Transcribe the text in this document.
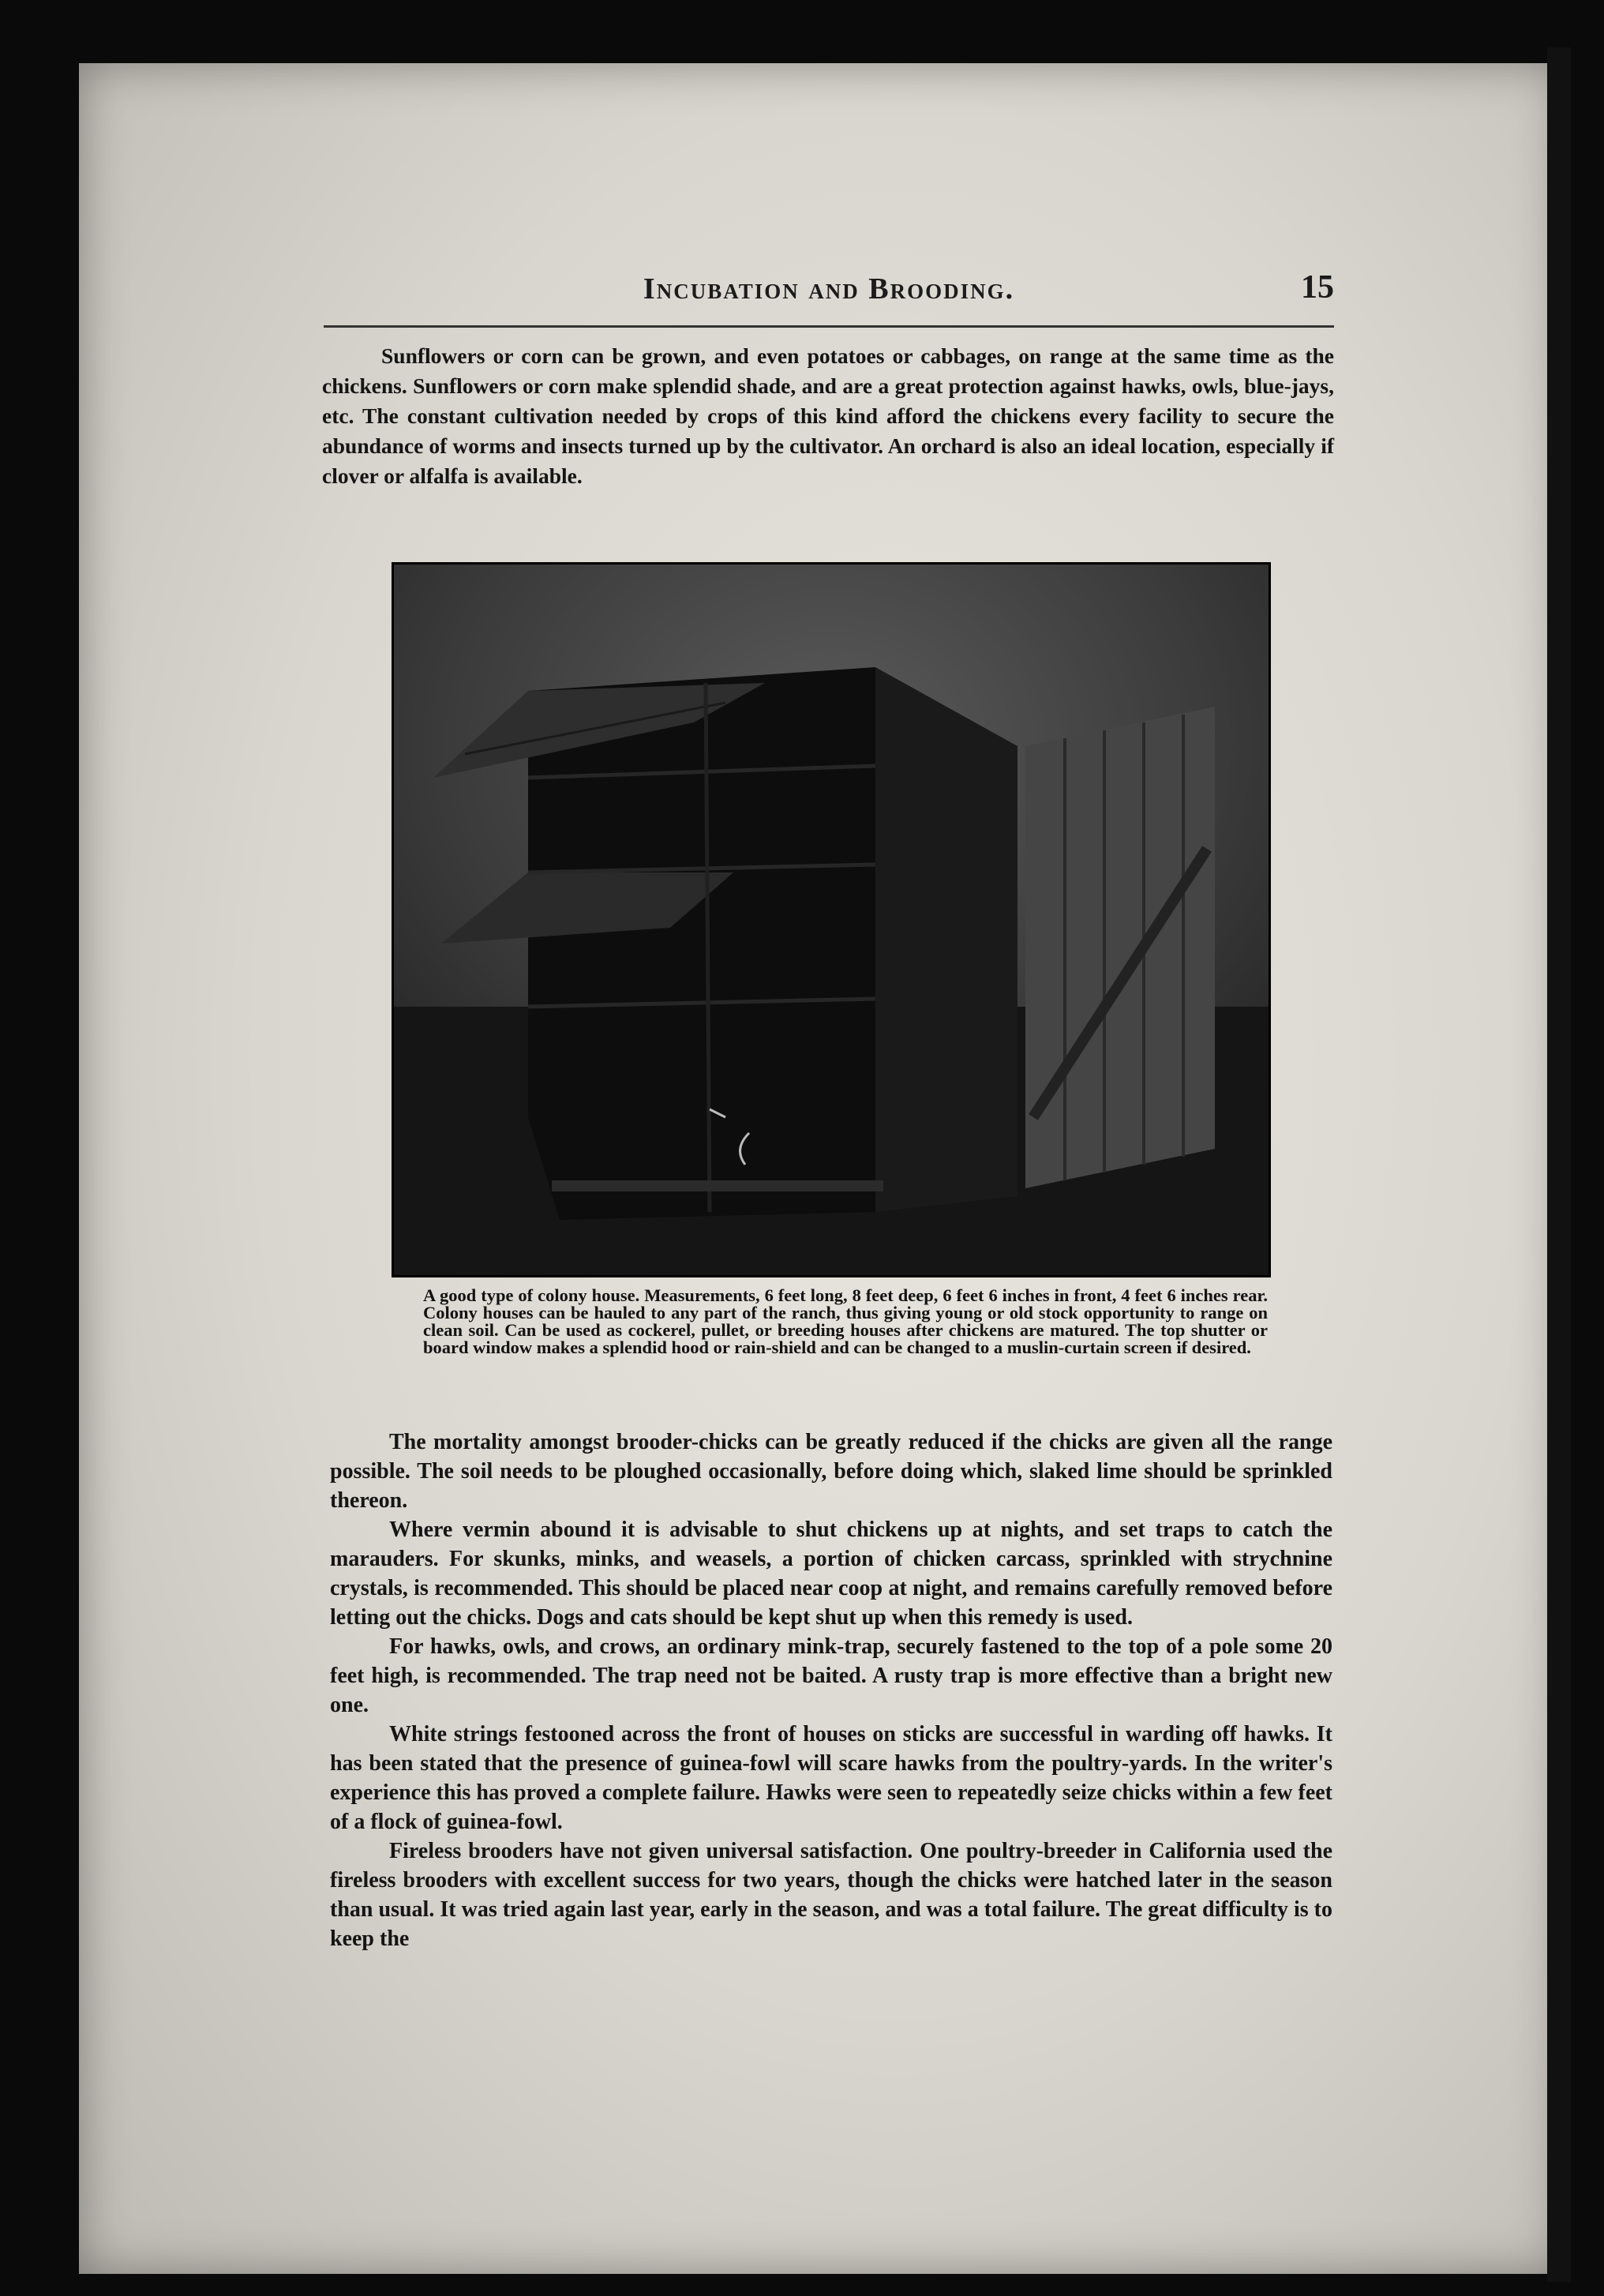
Incubation and Brooding.	15

Sunflowers or corn can be grown, and even potatoes or cabbages, on range at the same time as the chickens. Sunflowers or corn make splendid shade, and are a great protection against hawks, owls, blue-jays, etc. The constant cultivation needed by crops of this kind afford the chickens every facility to secure the abundance of worms and insects turned up by the cultivator. An orchard is also an ideal location, especially if clover or alfalfa is available.

A good type of colony house. Measurements, 6 feet long, 8 feet deep, 6 feet 6 inches in front, 4 feet 6 inches rear. Colony houses can be hauled to any part of the ranch, thus giving young or old stock opportunity to range on clean soil. Can be used as cockerel, pullet, or breeding houses after chickens are matured. The top shutter or board window makes a splendid hood or rain-shield and can be changed to a muslin-curtain screen if desired.

The mortality amongst brooder-chicks can be greatly reduced if the chicks are given all the range possible. The soil needs to be ploughed occasionally, before doing which, slaked lime should be sprinkled thereon.

Where vermin abound it is advisable to shut chickens up at nights, and set traps to catch the marauders. For skunks, minks, and weasels, a portion of chicken carcass, sprinkled with strychnine crystals, is recommended. This should be placed near coop at night, and remains carefully removed before letting out the chicks. Dogs and cats should be kept shut up when this remedy is used.

For hawks, owls, and crows, an ordinary mink-trap, securely fastened to the top of a pole some 20 feet high, is recommended. The trap need not be baited. A rusty trap is more effective than a bright new one.

White strings festooned across the front of houses on sticks are successful in warding off hawks. It has been stated that the presence of guinea-fowl will scare hawks from the poultry-yards. In the writer's experience this has proved a complete failure. Hawks were seen to repeatedly seize chicks within a few feet of a flock of guinea-fowl.

Fireless brooders have not given universal satisfaction. One poultry-breeder in California used the fireless brooders with excellent success for two years, though the chicks were hatched later in the season than usual. It was tried again last year, early in the season, and was a total failure. The great difficulty is to keep the
